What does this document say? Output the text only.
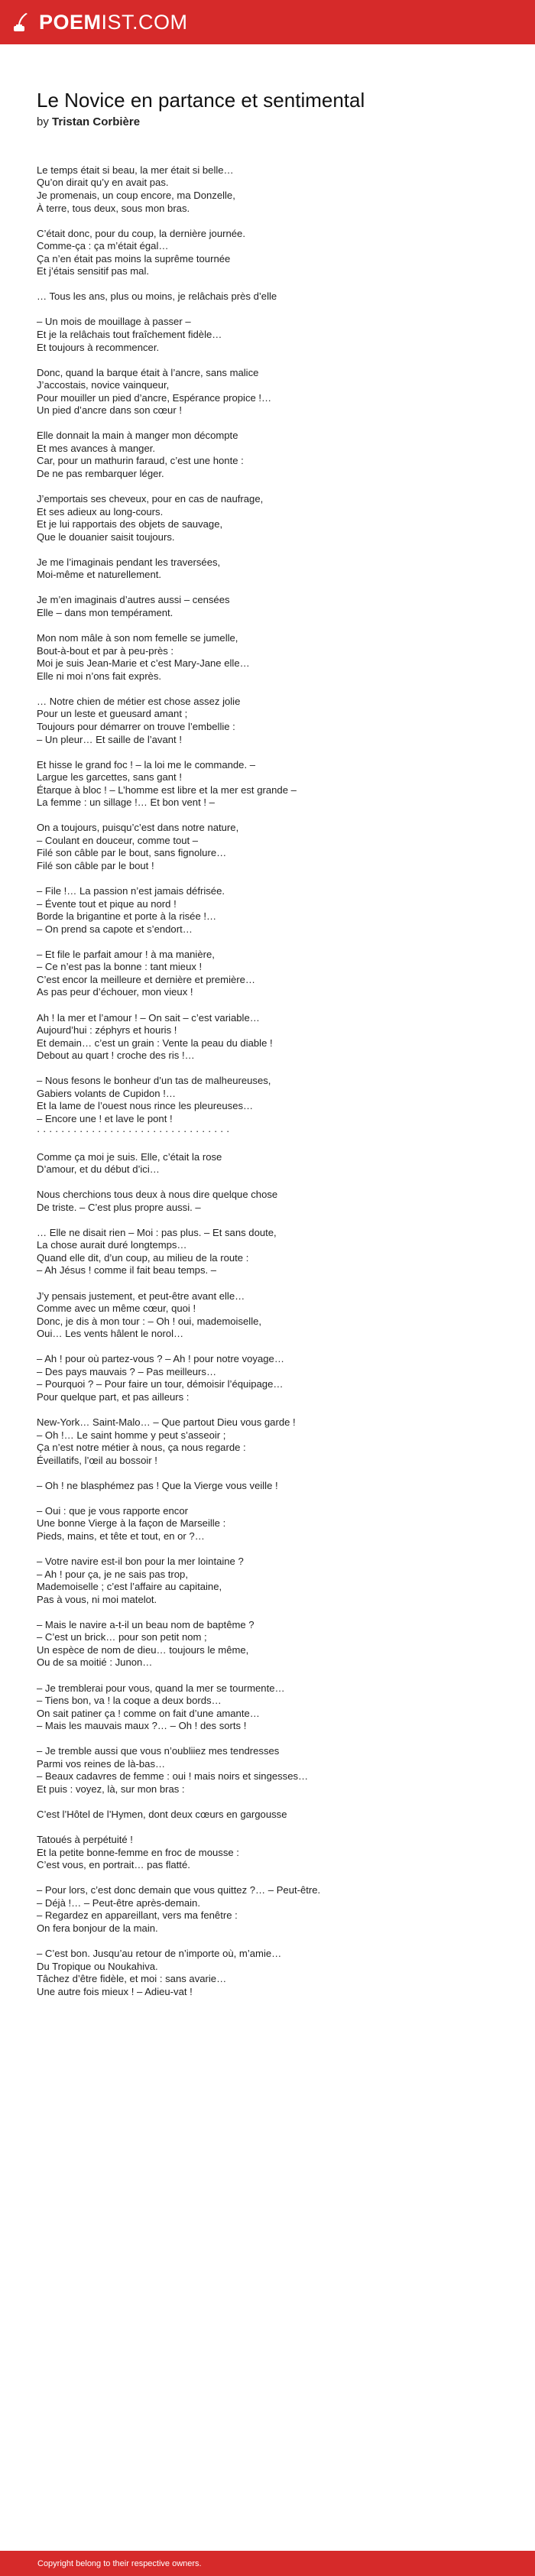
POEMIST.COM
Le Novice en partance et sentimental
by Tristan Corbière
Le temps était si beau, la mer était si belle…
Qu’on dirait qu’y en avait pas.
Je promenais, un coup encore, ma Donzelle,
À terre, tous deux, sous mon bras.
C’était donc, pour du coup, la dernière journée.
Comme-ça : ça m’était égal…
Ça n’en était pas moins la suprême tournée
Et j’étais sensitif pas mal.
… Tous les ans, plus ou moins, je relâchais près d’elle
– Un mois de mouillage à passer –
Et je la relâchais tout fraîchement fidèle…
Et toujours à recommencer.
Donc, quand la barque était à l’ancre, sans malice
J’accostais, novice vainqueur,
Pour mouiller un pied d’ancre, Espérance propice !…
Un pied d’ancre dans son cœur !
Elle donnait la main à manger mon décompte
Et mes avances à manger.
Car, pour un mathurin faraud, c’est une honte :
De ne pas rembarquer léger.
J’emportais ses cheveux, pour en cas de naufrage,
Et ses adieux au long-cours.
Et je lui rapportais des objets de sauvage,
Que le douanier saisit toujours.
Je me l’imaginais pendant les traversées,
Moi-même et naturellement.
Je m’en imaginais d’autres aussi – censées
Elle – dans mon tempérament.
Mon nom mâle à son nom femelle se jumelle,
Bout-à-bout et par à peu-près :
Moi je suis Jean-Marie et c’est Mary-Jane elle…
Elle ni moi n’ons fait exprès.
… Notre chien de métier est chose assez jolie
Pour un leste et gueusard amant ;
Toujours pour démarrer on trouve l’embellie :
– Un pleur… Et saille de l’avant !
Et hisse le grand foc ! – la loi me le commande. –
Largue les garcettes, sans gant !
Étarque à bloc ! – L’homme est libre et la mer est grande –
La femme : un sillage !… Et bon vent ! –
On a toujours, puisqu’c’est dans notre nature,
– Coulant en douceur, comme tout –
Filé son câble par le bout, sans fignolure…
Filé son câble par le bout !
– File !… La passion n’est jamais défrisée.
– Évente tout et pique au nord !
Borde la brigantine et porte à la risée !…
– On prend sa capote et s’endort…
– Et file le parfait amour ! à ma manière,
– Ce n’est pas la bonne : tant mieux !
C’est encor la meilleure et dernière et première…
As pas peur d’échouer, mon vieux !
Ah ! la mer et l’amour ! – On sait – c’est variable…
Aujourd’hui : zéphyrs et houris !
Et demain… c’est un grain : Vente la peau du diable !
Debout au quart ! croche des ris !…
– Nous fesons le bonheur d’un tas de malheureuses,
Gabiers volants de Cupidon !…
Et la lame de l’ouest nous rince les pleureuses…
– Encore une ! et lave le pont !
· · · · · · · · · · · · · · · · · · · · · · · · · · · · · · · ·
Comme ça moi je suis. Elle, c’était la rose
D’amour, et du début d’ici…
Nous cherchions tous deux à nous dire quelque chose
De triste. – C’est plus propre aussi. –
… Elle ne disait rien – Moi : pas plus. – Et sans doute,
La chose aurait duré longtemps…
Quand elle dit, d’un coup, au milieu de la route :
– Ah Jésus ! comme il fait beau temps. –
J’y pensais justement, et peut-être avant elle…
Comme avec un même cœur, quoi !
Donc, je dis à mon tour : – Oh ! oui, mademoiselle,
Oui… Les vents hâlent le norol…
– Ah ! pour où partez-vous ? – Ah ! pour notre voyage…
– Des pays mauvais ? – Pas meilleurs…
– Pourquoi ? – Pour faire un tour, démoisir l’équipage…
Pour quelque part, et pas ailleurs :
New-York… Saint-Malo… – Que partout Dieu vous garde !
– Oh !… Le saint homme y peut s’asseoir ;
Ça n’est notre métier à nous, ça nous regarde :
Éveillatifs, l’œil au bossoir !
– Oh ! ne blasphémez pas ! Que la Vierge vous veille !
– Oui : que je vous rapporte encor
Une bonne Vierge à la façon de Marseille :
Pieds, mains, et tête et tout, en or ?…
– Votre navire est-il bon pour la mer lointaine ?
– Ah ! pour ça, je ne sais pas trop,
Mademoiselle ; c’est l’affaire au capitaine,
Pas à vous, ni moi matelot.
– Mais le navire a-t-il un beau nom de baptême ?
– C’est un brick… pour son petit nom ;
Un espèce de nom de dieu… toujours le même,
Ou de sa moitié : Junon…
– Je tremblerai pour vous, quand la mer se tourmente…
– Tiens bon, va ! la coque a deux bords…
On sait patiner ça ! comme on fait d’une amante…
– Mais les mauvais maux ?… – Oh ! des sorts !
– Je tremble aussi que vous n’oubliiez mes tendresses
Parmi vos reines de là-bas…
– Beaux cadavres de femme : oui ! mais noirs et singesses…
Et puis : voyez, là, sur mon bras :
C’est l’Hôtel de l’Hymen, dont deux cœurs en gargousse
Tatoués à perpétuité !
Et la petite bonne-femme en froc de mousse :
C’est vous, en portrait… pas flatté.
– Pour lors, c’est donc demain que vous quittez ?… – Peut-être.
– Déjà !… – Peut-être après-demain.
– Regardez en appareillant, vers ma fenêtre :
On fera bonjour de la main.
– C’est bon. Jusqu’au retour de n’importe où, m’amie…
Du Tropique ou Noukahiva.
Tâchez d’être fidèle, et moi : sans avarie…
Une autre fois mieux ! – Adieu-vat !
Copyright belong to their respective owners.
